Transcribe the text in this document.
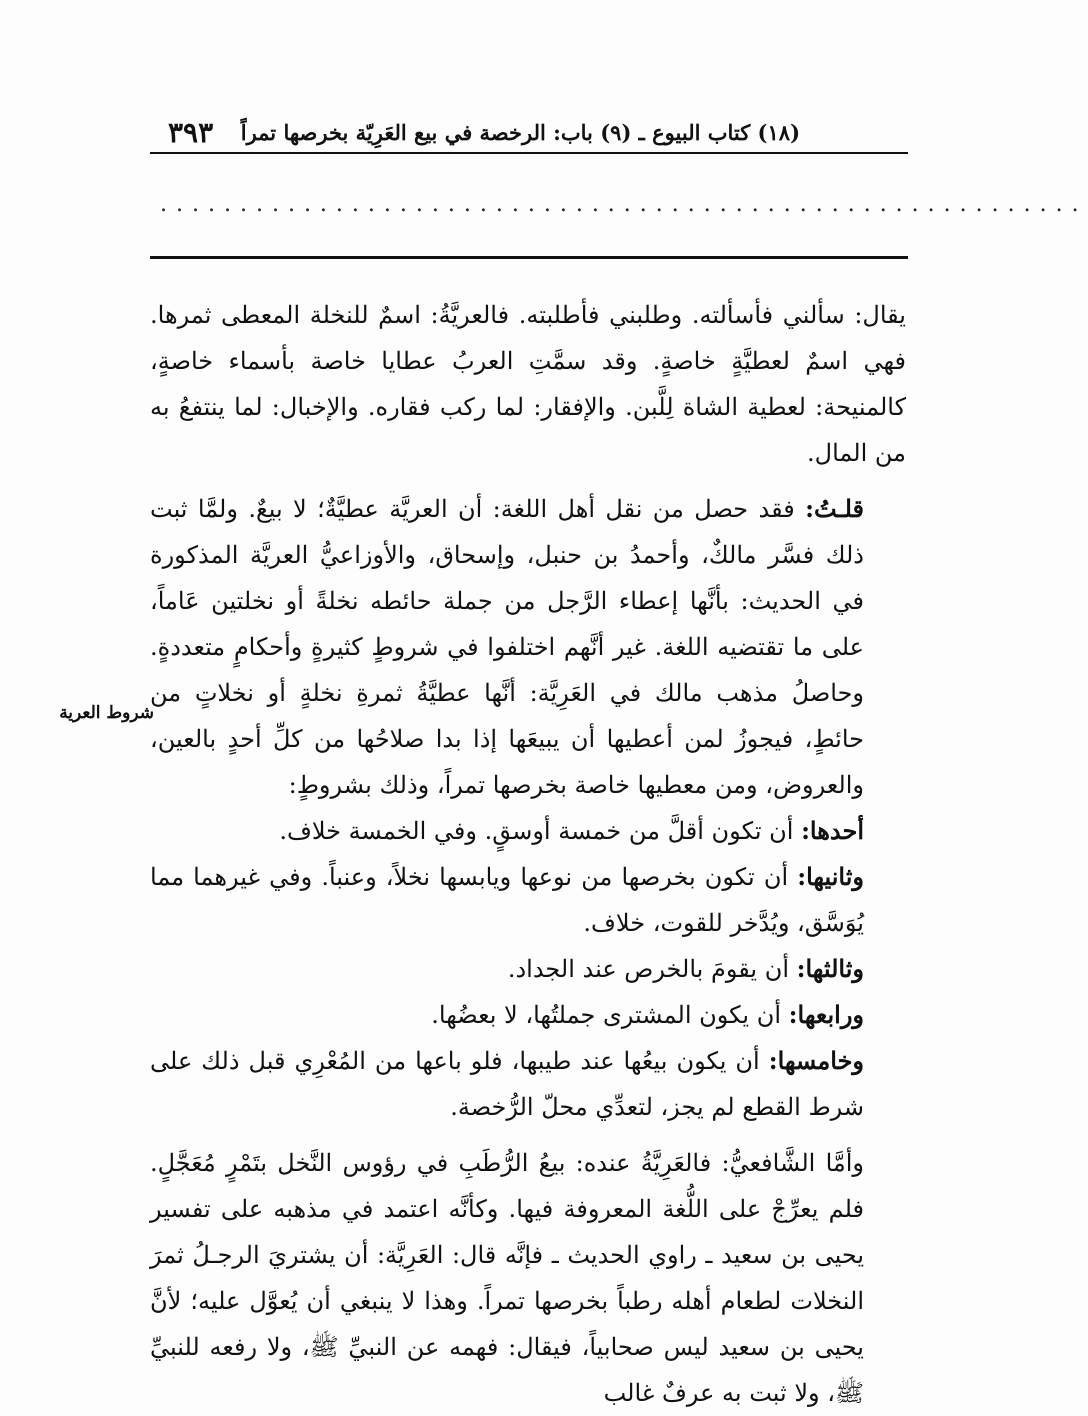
(١٨) كتاب البيوع ـ (٩) باب: الرخصة في بيع العَرِيّة بخرصها تمراً
٣٩٣
..........................................................
شروط العرية

يقال: سألني فأسألته. وطلبني فأطلبته. فالعريَّةُ: اسمٌ للنخلة المعطى ثمرها. فهي اسمٌ لعطيَّةٍ خاصةٍ. وقد سمَّتِ العربُ عطايا خاصة بأسماء خاصةٍ، كالمنيحة: لعطية الشاة لِلَّبن. والإفقار: لما ركب فقاره. والإخبال: لما ينتفعُ به من المال.

قلـتُ: فقد حصل من نقل أهل اللغة: أن العريَّة عطيَّةٌ؛ لا بيعٌ. ولمَّا ثبت ذلك فسَّر مالكٌ، وأحمدُ بن حنبل، وإسحاق، والأوزاعيُّ العريَّة المذكورة في الحديث: بأنَّها إعطاء الرَّجل من جملة حائطه نخلةً أو نخلتين عَاماً، على ما تقتضيه اللغة. غير أنَّهم اختلفوا في شروطٍ كثيرةٍ وأحكامٍ متعددةٍ. وحاصلُ مذهب مالك في العَرِيَّة: أنَّها عطيَّةُ ثمرةِ نخلةٍ أو نخلاتٍ من حائطٍ، فيجوزُ لمن أعطيها أن يبيعَها إذا بدا صلاحُها من كلِّ أحدٍ بالعين، والعروض، ومن معطيها خاصة بخرصها تمراً، وذلك بشروطٍ:

أحدها: أن تكون أقلَّ من خمسة أوسقٍ. وفي الخمسة خلاف.

وثانيها: أن تكون بخرصها من نوعها ويابسها نخلاً، وعنباً. وفي غيرهما مما يُوَسَّق، ويُدَّخر للقوت، خلاف.

وثالثها: أن يقومَ بالخرص عند الجداد.

ورابعها: أن يكون المشترى جملتُها، لا بعضُها.

وخامسها: أن يكون بيعُها عند طيبها، فلو باعها من المُعْرِي قبل ذلك على شرط القطع لم يجز، لتعدِّي محلّ الرُّخصة.

وأمَّا الشَّافعيُّ: فالعَرِيَّةُ عنده: بيعُ الرُّطَبِ في رؤوس النَّخل بتَمْرٍ مُعَجَّلٍ. فلم يعرِّجْ على اللُّغة المعروفة فيها. وكأنَّه اعتمد في مذهبه على تفسير يحيى بن سعيد ـ راوي الحديث ـ فإنَّه قال: العَرِيَّة: أن يشتريَ الرجـلُ ثمرَ النخلات لطعام أهله رطباً بخرصها تمراً. وهذا لا ينبغي أن يُعوَّل عليه؛ لأنَّ يحيى بن سعيد ليس صحابياً، فيقال: فهمه عن النبيِّ ﷺ، ولا رفعه للنبيِّ ﷺ، ولا ثبت به عرفٌ غالب
